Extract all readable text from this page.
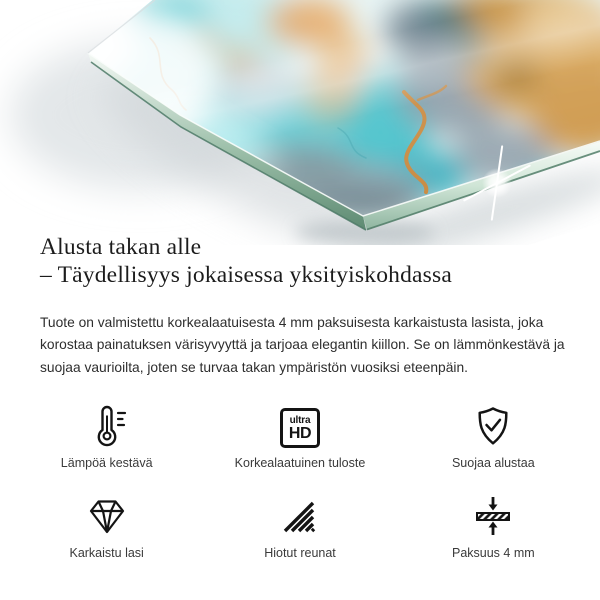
Alusta takan alle
– Täydellisyys jokaisessa yksityiskohdassa

Tuote on valmistettu korkealaatuisesta 4 mm paksuisesta karkaistusta lasista, joka korostaa painatuksen värisyvyyttä ja tarjoaa elegantin kiillon. Se on lämmönkestävä ja suojaa vaurioilta, joten se turvaa takan ympäristön vuosiksi eteenpäin.

Lämpöä kestävä
ultra
HD
Korkealaatuinen tuloste	Suojaa alustaa
Karkaistu lasi	Hiotut reunat	Paksuus 4 mm
